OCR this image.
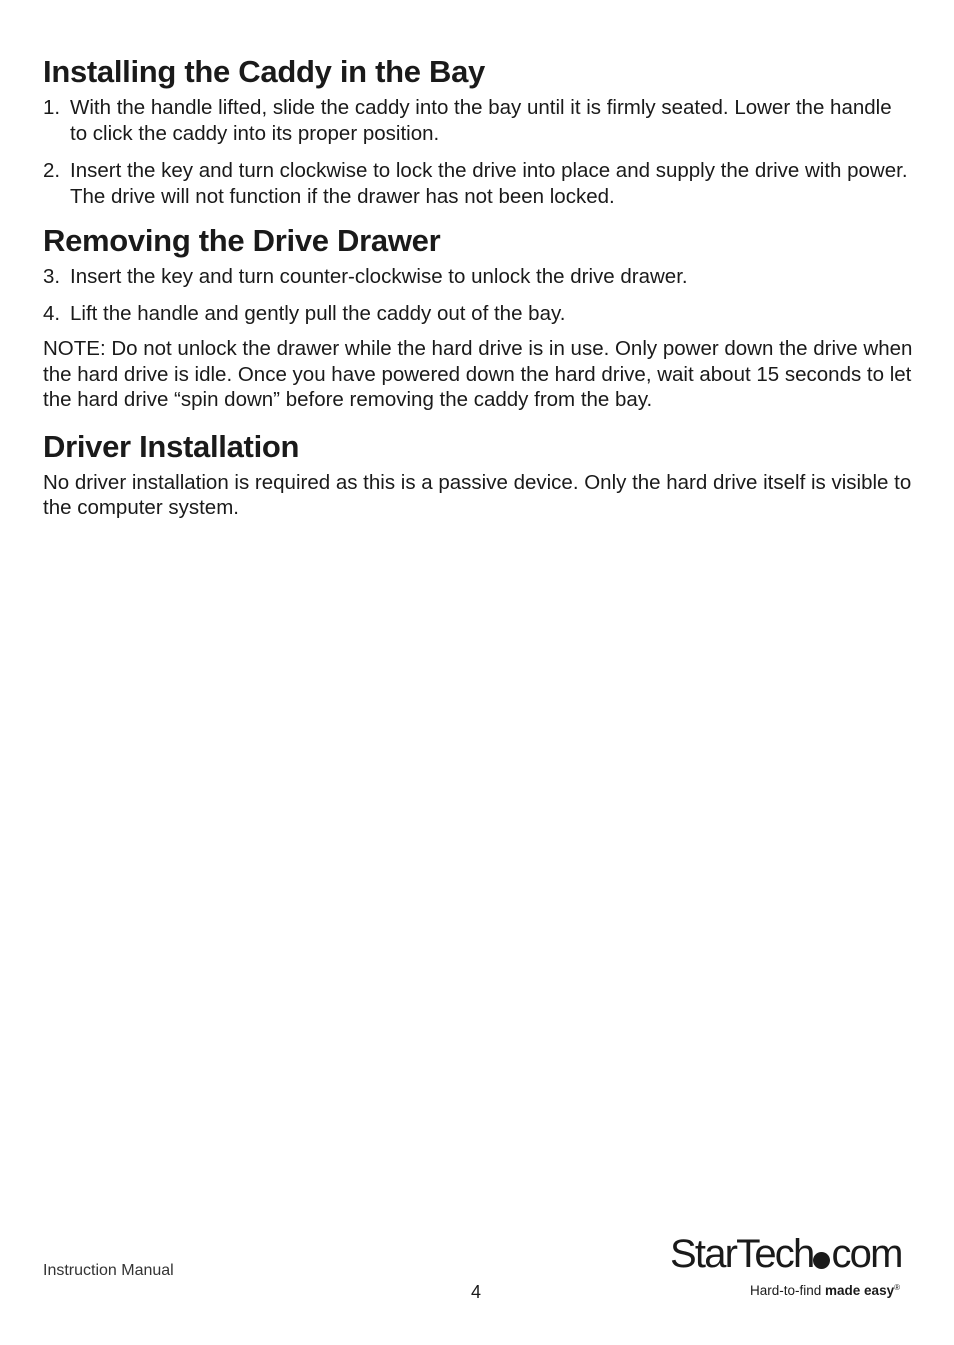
Installing the Caddy in the Bay
1. With the handle lifted, slide the caddy into the bay until it is firmly seated. Lower the handle to click the caddy into its proper position.
2. Insert the key and turn clockwise to lock the drive into place and supply the drive with power. The drive will not function if the drawer has not been locked.
Removing the Drive Drawer
3. Insert the key and turn counter-clockwise to unlock the drive drawer.
4. Lift the handle and gently pull the caddy out of the bay.

NOTE: Do not unlock the drawer while the hard drive is in use. Only power down the drive when the hard drive is idle. Once you have powered down the hard drive, wait about 15 seconds to let the hard drive “spin down” before removing the caddy from the bay.

Driver Installation

No driver installation is required as this is a passive device. Only the hard drive itself is visible to the computer system.

Instruction Manual
4
StarTech com
Hard-to-find made easy®
